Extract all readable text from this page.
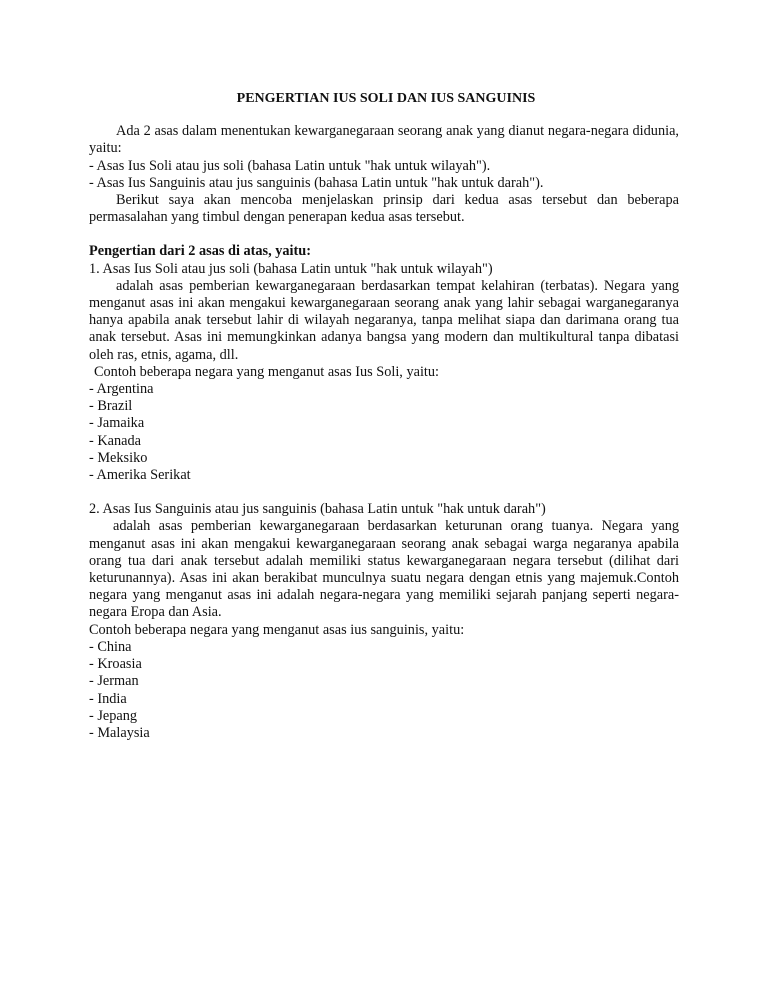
PENGERTIAN IUS SOLI DAN IUS SANGUINIS

Ada 2 asas dalam menentukan kewarganegaraan seorang anak yang dianut negara-negara didunia, yaitu:

- Asas Ius Soli atau jus soli (bahasa Latin untuk "hak untuk wilayah").

- Asas Ius Sanguinis atau jus sanguinis (bahasa Latin untuk "hak untuk darah").

Berikut saya akan mencoba menjelaskan prinsip dari kedua asas tersebut dan beberapa permasalahan yang timbul dengan penerapan kedua asas tersebut.

Pengertian dari 2 asas di atas, yaitu:

1. Asas Ius Soli atau jus soli (bahasa Latin untuk "hak untuk wilayah")

adalah asas pemberian kewarganegaraan berdasarkan tempat kelahiran (terbatas). Negara yang menganut asas ini akan mengakui kewarganegaraan seorang anak yang lahir sebagai warganegaranya hanya apabila anak tersebut lahir di wilayah negaranya, tanpa melihat siapa dan darimana orang tua anak tersebut. Asas ini memungkinkan adanya bangsa yang modern dan multikultural tanpa dibatasi oleh ras, etnis, agama, dll.

Contoh beberapa negara yang menganut asas Ius Soli, yaitu:

- Argentina
- Brazil
- Jamaika
- Kanada
- Meksiko
- Amerika Serikat

2. Asas Ius Sanguinis atau jus sanguinis (bahasa Latin untuk "hak untuk darah")

adalah asas pemberian kewarganegaraan berdasarkan keturunan orang tuanya. Negara yang menganut asas ini akan mengakui kewarganegaraan seorang anak sebagai warga negaranya apabila orang tua dari anak tersebut adalah memiliki status kewarganegaraan negara tersebut (dilihat dari keturunannya). Asas ini akan berakibat munculnya suatu negara dengan etnis yang majemuk.Contoh negara yang menganut asas ini adalah negara-negara yang memiliki sejarah panjang seperti negara-negara Eropa dan Asia.

Contoh beberapa negara yang menganut asas ius sanguinis, yaitu:

- China
- Kroasia
- Jerman
- India
- Jepang
- Malaysia
